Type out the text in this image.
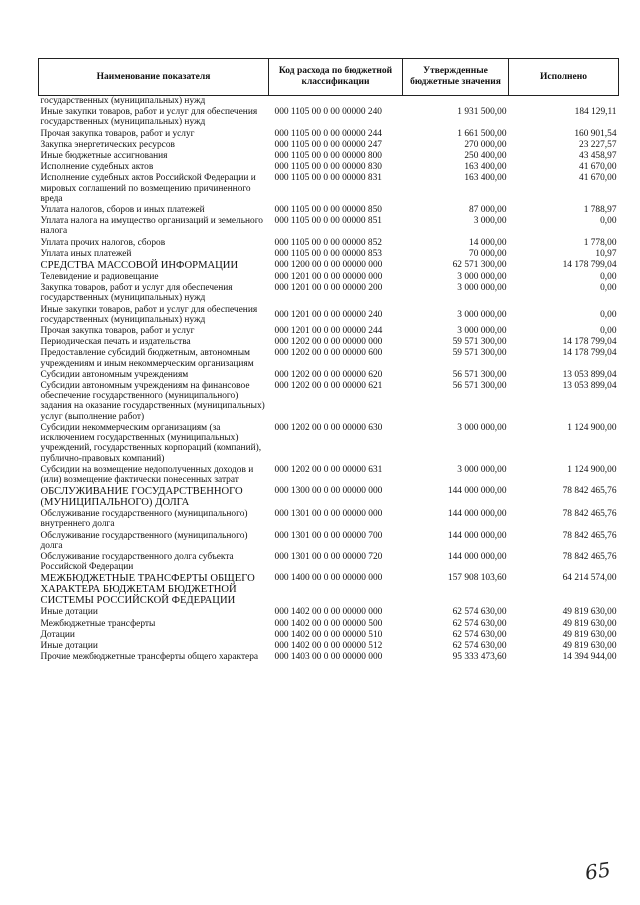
Наименование показателя	Код расхода по бюджетной классификации	Утвержденные бюджетные значения	Исполнено
государственных (муниципальных) нужд			
Иные закупки товаров, работ и услуг для обеспечения государственных (муниципальных) нужд	000 1105 00 0 00 00000 240	1 931 500,00	184 129,11
Прочая закупка товаров, работ и услуг	000 1105 00 0 00 00000 244	1 661 500,00	160 901,54
Закупка энергетических ресурсов	000 1105 00 0 00 00000 247	270 000,00	23 227,57
Иные бюджетные ассигнования	000 1105 00 0 00 00000 800	250 400,00	43 458,97
Исполнение судебных актов	000 1105 00 0 00 00000 830	163 400,00	41 670,00
Исполнение судебных актов Российской Федерации и мировых соглашений по возмещению причиненного вреда	000 1105 00 0 00 00000 831	163 400,00	41 670,00
Уплата налогов, сборов и иных платежей	000 1105 00 0 00 00000 850	87 000,00	1 788,97
Уплата налога на имущество организаций и земельного налога	000 1105 00 0 00 00000 851	3 000,00	0,00
Уплата прочих налогов, сборов	000 1105 00 0 00 00000 852	14 000,00	1 778,00
Уплата иных платежей	000 1105 00 0 00 00000 853	70 000,00	10,97
СРЕДСТВА МАССОВОЙ ИНФОРМАЦИИ	000 1200 00 0 00 00000 000	62 571 300,00	14 178 799,04
Телевидение и радиовещание	000 1201 00 0 00 00000 000	3 000 000,00	0,00
Закупка товаров, работ и услуг для обеспечения государственных (муниципальных) нужд	000 1201 00 0 00 00000 200	3 000 000,00	0,00
Иные закупки товаров, работ и услуг для обеспечения государственных (муниципальных) нужд	000 1201 00 0 00 00000 240	3 000 000,00	0,00
Прочая закупка товаров, работ и услуг	000 1201 00 0 00 00000 244	3 000 000,00	0,00
Периодическая печать и издательства	000 1202 00 0 00 00000 000	59 571 300,00	14 178 799,04
Предоставление субсидий бюджетным, автономным учреждениям и иным некоммерческим организациям	000 1202 00 0 00 00000 600	59 571 300,00	14 178 799,04
Субсидии автономным учреждениям	000 1202 00 0 00 00000 620	56 571 300,00	13 053 899,04
Субсидии автономным учреждениям на финансовое обеспечение государственного (муниципального) задания на оказание государственных (муниципальных) услуг (выполнение работ)	000 1202 00 0 00 00000 621	56 571 300,00	13 053 899,04
Субсидии некоммерческим организациям (за исключением государственных (муниципальных) учреждений, государственных корпораций (компаний), публично-правовых компаний)	000 1202 00 0 00 00000 630	3 000 000,00	1 124 900,00
Субсидии на возмещение недополученных доходов и (или) возмещение фактически понесенных затрат	000 1202 00 0 00 00000 631	3 000 000,00	1 124 900,00
ОБСЛУЖИВАНИЕ ГОСУДАРСТВЕННОГО (МУНИЦИПАЛЬНОГО) ДОЛГА	000 1300 00 0 00 00000 000	144 000 000,00	78 842 465,76
Обслуживание государственного (муниципального) внутреннего долга	000 1301 00 0 00 00000 000	144 000 000,00	78 842 465,76
Обслуживание государственного (муниципального) долга	000 1301 00 0 00 00000 700	144 000 000,00	78 842 465,76
Обслуживание государственного долга субъекта Российской Федерации	000 1301 00 0 00 00000 720	144 000 000,00	78 842 465,76
МЕЖБЮДЖЕТНЫЕ ТРАНСФЕРТЫ ОБЩЕГО ХАРАКТЕРА БЮДЖЕТАМ БЮДЖЕТНОЙ СИСТЕМЫ РОССИЙСКОЙ ФЕДЕРАЦИИ	000 1400 00 0 00 00000 000	157 908 103,60	64 214 574,00
Иные дотации	000 1402 00 0 00 00000 000	62 574 630,00	49 819 630,00
Межбюджетные трансферты	000 1402 00 0 00 00000 500	62 574 630,00	49 819 630,00
Дотации	000 1402 00 0 00 00000 510	62 574 630,00	49 819 630,00
Иные дотации	000 1402 00 0 00 00000 512	62 574 630,00	49 819 630,00
Прочие межбюджетные трансферты общего характера	000 1403 00 0 00 00000 000	95 333 473,60	14 394 944,00
65
